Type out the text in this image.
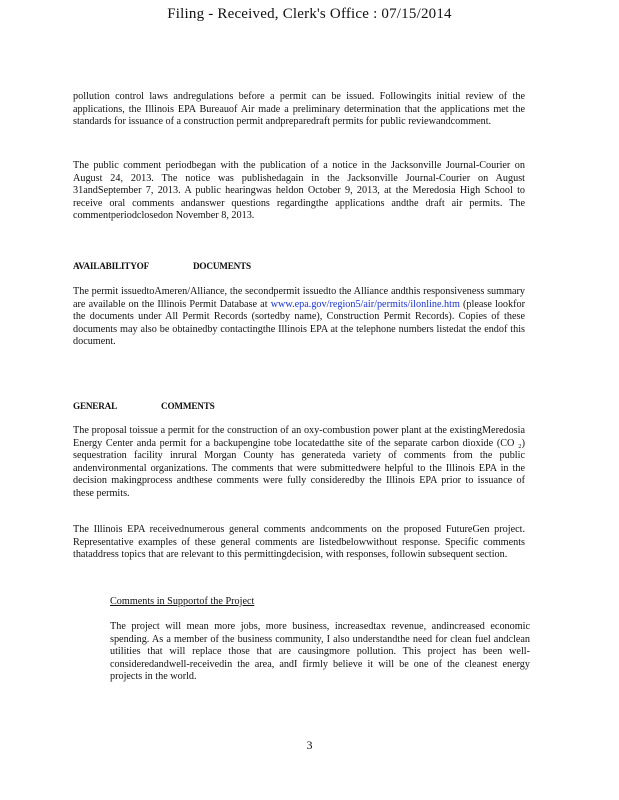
Filing - Received, Clerk's Office : 07/15/2014
pollution control laws andregulations before a permit can be issued. Followingits initial review of the applications, the Illinois EPA Bureauof Air made a preliminary determination that the applications met the standards for issuance of a construction permit andpreparedraft permits for public reviewandcomment.
The public comment periodbegan with the publication of a notice in the Jacksonville Journal-Courier on August 24, 2013. The notice was publishedagain in the Jacksonville Journal-Courier on August 31andSeptember 7, 2013. A public hearingwas heldon October 9, 2013, at the Meredosia High School to receive oral comments andanswer questions regardingthe applications andthe draft air permits. The commentperiodclosedon November 8, 2013.
AVAILABILITYOF	DOCUMENTS
The permit issuedtoAmeren/Alliance, the secondpermit issuedto the Alliance andthis responsiveness summary are available on the Illinois Permit Database at www.epa.gov/region5/air/permits/ilonline.htm (please lookfor the documents under All Permit Records (sortedby name), Construction Permit Records). Copies of these documents may also be obtainedby contactingthe Illinois EPA at the telephone numbers listedat the endof this document.
GENERAL	COMMENTS
The proposal toissue a permit for the construction of an oxy-combustion power plant at the existingMeredosia Energy Center anda permit for a backupengine tobe locatedatthe site of the separate carbon dioxide (CO ₂) sequestration facility inrural Morgan County has generateda variety of comments from the public andenvironmental organizations. The comments that were submittedwere helpful to the Illinois EPA in the decision makingprocess andthese comments were fully consideredby the Illinois EPA prior to issuance of these permits.
The Illinois EPA receivednumerous general comments andcomments on the proposed FutureGen project. Representative examples of these general comments are listedbelowwithout response. Specific comments thataddress topics that are relevant to this permittingdecision, with responses, followin subsequent section.
Comments in Supportof the Project
The project will mean more jobs, more business, increasedtax revenue, andincreased economic spending. As a member of the business community, I also understandthe need for clean fuel andclean utilities that will replace those that are causingmore pollution. This project has been well-consideredandwell-receivedin the area, andI firmly believe it will be one of the cleanest energy projects in the world.
3
